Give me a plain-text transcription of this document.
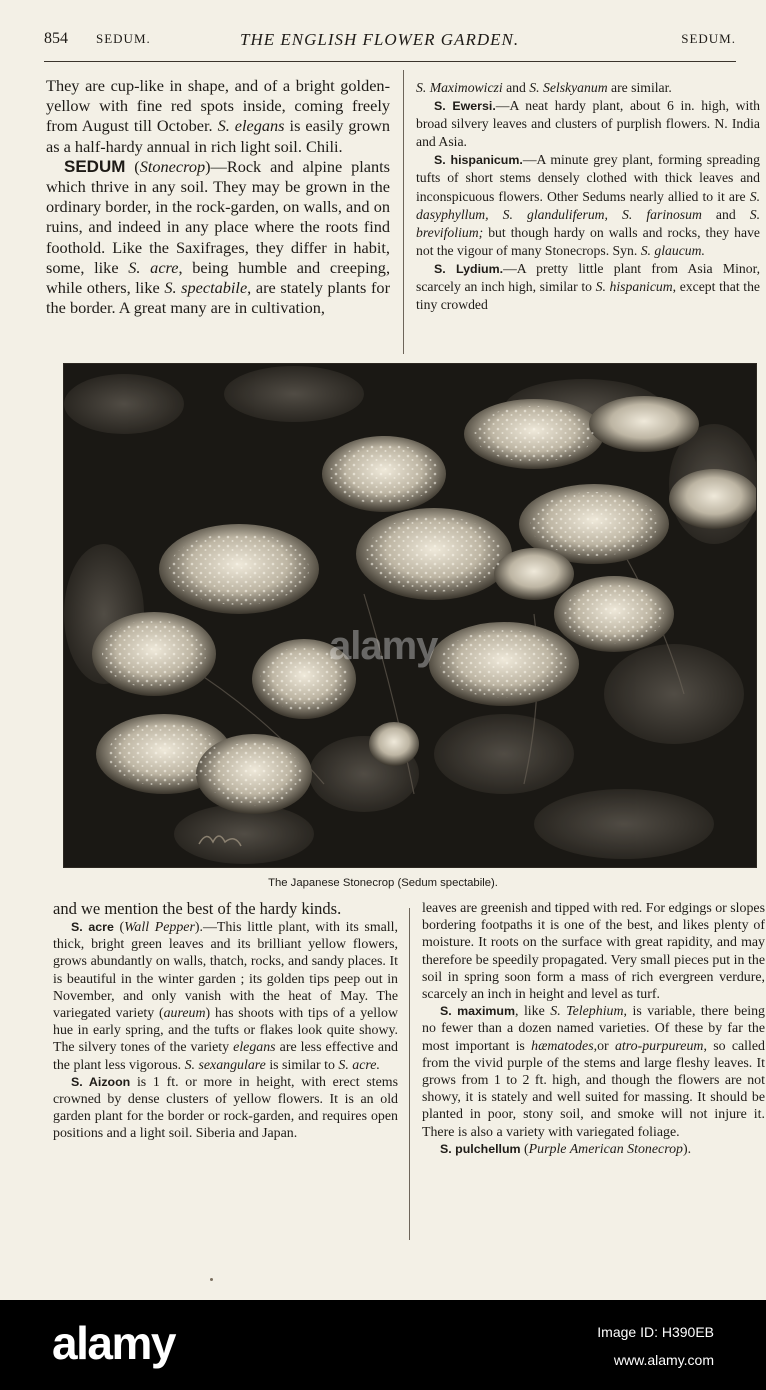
854 SEDUM.	THE ENGLISH FLOWER GARDEN.	SEDUM.

They are cup-like in shape, and of a bright golden-yellow with fine red spots inside, coming freely from August till October. S. elegans is easily grown as a half-hardy annual in rich light soil. Chili.

SEDUM (Stonecrop)—Rock and alpine plants which thrive in any soil. They may be grown in the ordinary border, in the rock-garden, on walls, and on ruins, and indeed in any place where the roots find foothold. Like the Saxifrages, they differ in habit, some, like S. acre, being humble and creeping, while others, like S. spectabile, are stately plants for the border. A great many are in cultivation,

S. Maximowiczi and S. Selskyanum are similar.

S. Ewersi.—A neat hardy plant, about 6 in. high, with broad silvery leaves and clusters of purplish flowers. N. India and Asia.

S. hispanicum.—A minute grey plant, forming spreading tufts of short stems densely clothed with thick leaves and inconspicuous flowers. Other Sedums nearly allied to it are S. dasyphyllum, S. glanduliferum, S. farinosum and S. brevifolium; but though hardy on walls and rocks, they have not the vigour of many Stonecrops. Syn. S. glaucum.

S. Lydium.—A pretty little plant from Asia Minor, scarcely an inch high, similar to S. hispanicum, except that the tiny crowded

alamy
The Japanese Stonecrop (Sedum spectabile).

and we mention the best of the hardy kinds.

S. acre (Wall Pepper).—This little plant, with its small, thick, bright green leaves and its brilliant yellow flowers, grows abundantly on walls, thatch, rocks, and sandy places. It is beautiful in the winter garden ; its golden tips peep out in November, and only vanish with the heat of May. The variegated variety (aureum) has shoots with tips of a yellow hue in early spring, and the tufts or flakes look quite showy. The silvery tones of the variety elegans are less effective and the plant less vigorous. S. sexangulare is similar to S. acre.

S. Aizoon is 1 ft. or more in height, with erect stems crowned by dense clusters of yellow flowers. It is an old garden plant for the border or rock-garden, and requires open positions and a light soil. Siberia and Japan.

leaves are greenish and tipped with red. For edgings or slopes bordering footpaths it is one of the best, and likes plenty of moisture. It roots on the surface with great rapidity, and may therefore be speedily propagated. Very small pieces put in the soil in spring soon form a mass of rich evergreen verdure, scarcely an inch in height and level as turf.

S. maximum, like S. Telephium, is variable, there being no fewer than a dozen named varieties. Of these by far the most important is hæmatodes,or atro-purpureum, so called from the vivid purple of the stems and large fleshy leaves. It grows from 1 to 2 ft. high, and though the flowers are not showy, it is stately and well suited for massing. It should be planted in poor, stony soil, and smoke will not injure it. There is also a variety with variegated foliage.

S. pulchellum (Purple American Stonecrop).

alamy	Image ID: H390EB
www.alamy.com
